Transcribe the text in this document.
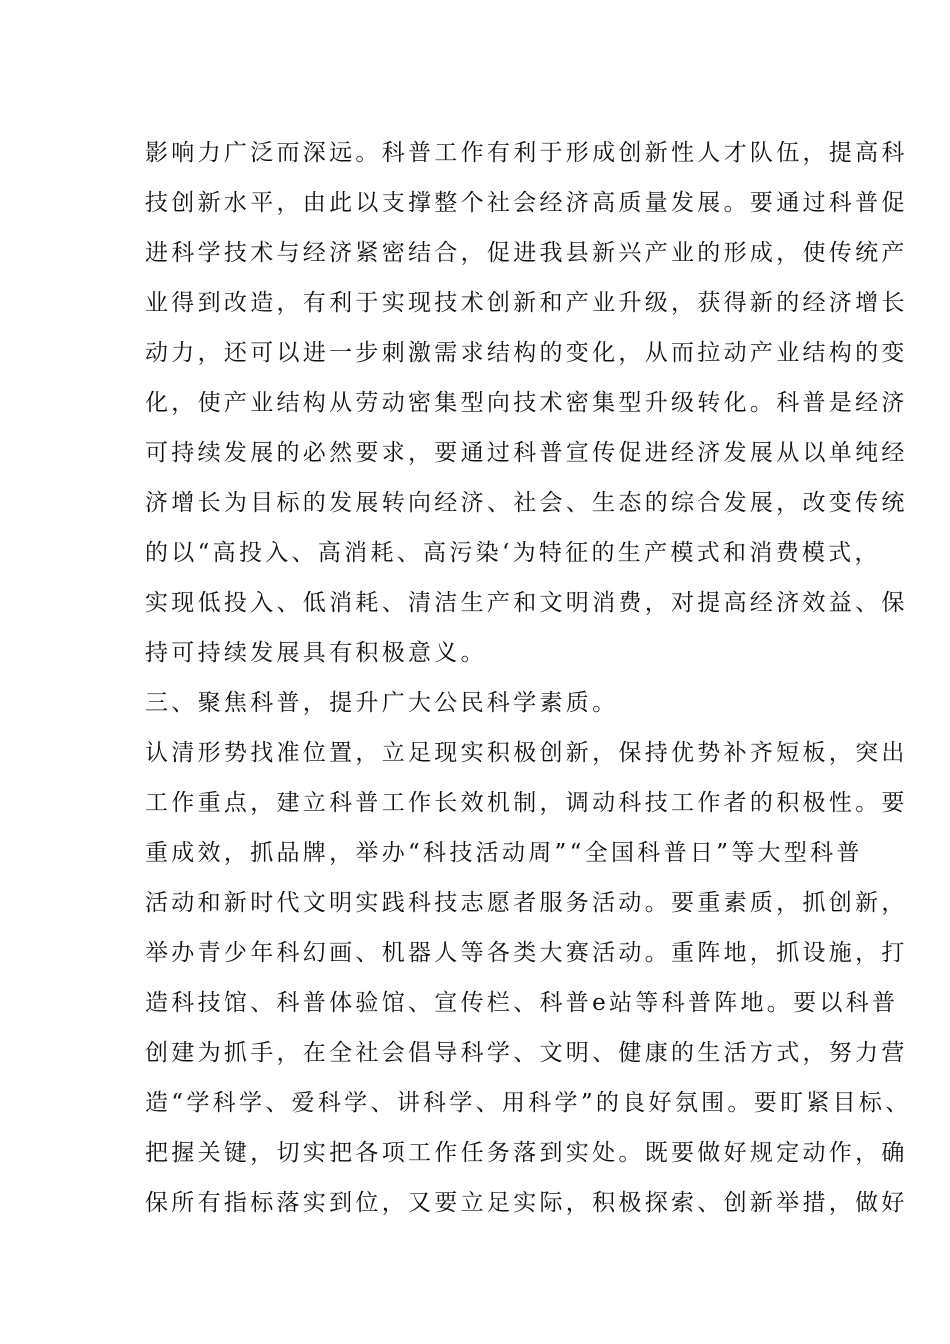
影响力广泛而深远。科普工作有利于形成创新性人才队伍，提高科
技创新水平，由此以支撑整个社会经济高质量发展。要通过科普促
进科学技术与经济紧密结合，促进我县新兴产业的形成，使传统产
业得到改造，有利于实现技术创新和产业升级，获得新的经济增长
动力，还可以进一步刺激需求结构的变化，从而拉动产业结构的变
化，使产业结构从劳动密集型向技术密集型升级转化。科普是经济
可持续发展的必然要求，要通过科普宣传促进经济发展从以单纯经
济增长为目标的发展转向经济、社会、生态的综合发展，改变传统
的以“高投入、高消耗、高污染‘为特征的生产模式和消费模式，
实现低投入、低消耗、清洁生产和文明消费，对提高经济效益、保
持可持续发展具有积极意义。
三、聚焦科普，提升广大公民科学素质。
认清形势找准位置，立足现实积极创新，保持优势补齐短板，突出
工作重点，建立科普工作长效机制，调动科技工作者的积极性。要
重成效，抓品牌，举办“科技活动周”“全国科普日”等大型科普
活动和新时代文明实践科技志愿者服务活动。要重素质，抓创新，
举办青少年科幻画、机器人等各类大赛活动。重阵地，抓设施，打
造科技馆、科普体验馆、宣传栏、科普e站等科普阵地。要以科普
创建为抓手，在全社会倡导科学、文明、健康的生活方式，努力营
造“学科学、爱科学、讲科学、用科学”的良好氛围。要盯紧目标、
把握关键，切实把各项工作任务落到实处。既要做好规定动作，确
保所有指标落实到位，又要立足实际，积极探索、创新举措，做好
